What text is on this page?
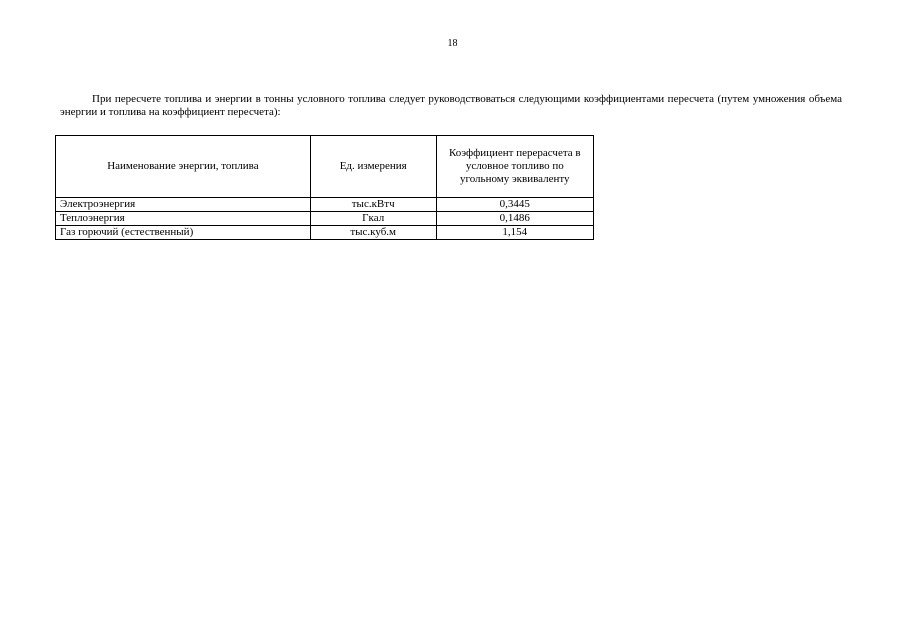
18

При пересчете топлива и энергии в тонны условного топлива следует руководствоваться следующими коэффициентами пересчета (путем умножения объема энергии и топлива на коэффициент пересчета):

Наименование энергии, топлива	Ед. измерения	Коэффициент перерасчета в условное топливо по угольному эквиваленту
Электроэнергия	тыс.кВтч	0,3445
Теплоэнергия	Гкал	0,1486
Газ горючий (естественный)	тыс.куб.м	1,154
